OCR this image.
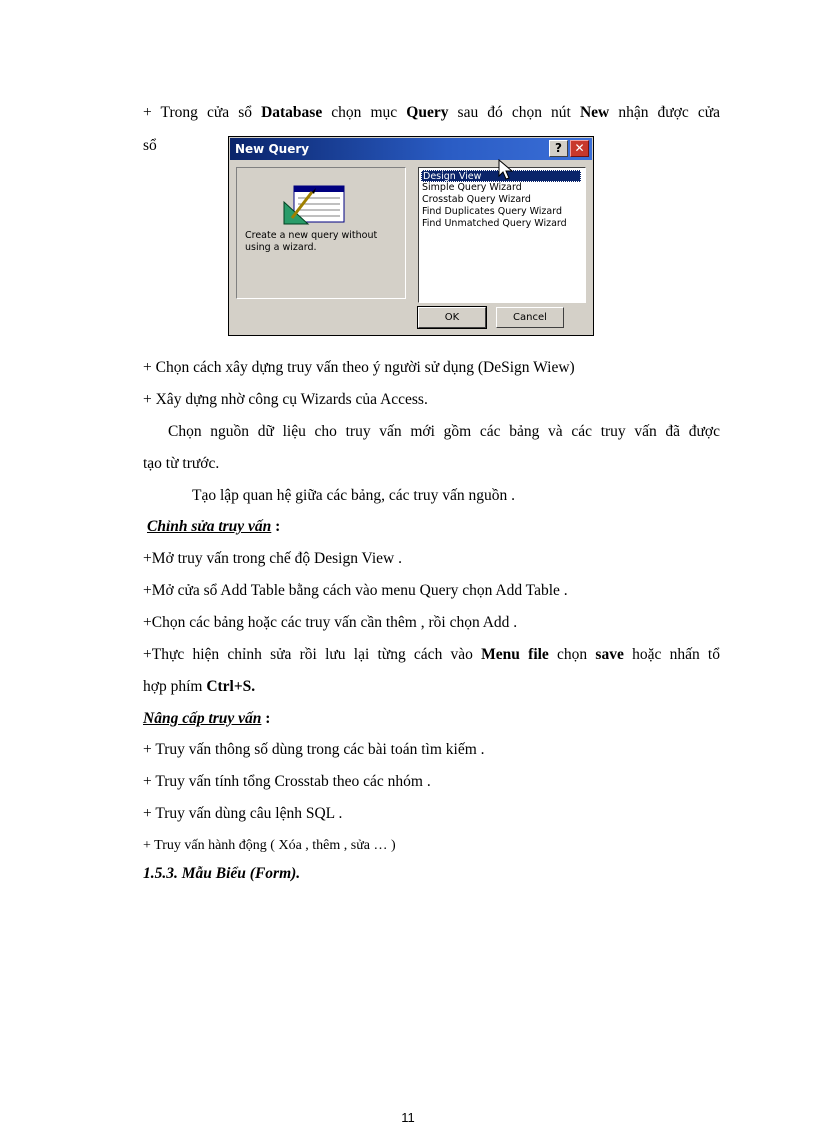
+ Trong cửa sổ Database chọn mục Query sau đó chọn nút New nhận được cửa
sổ	New Query	?	✕
Create a new query without using a wizard.
Design View
Simple Query Wizard
Crosstab Query Wizard
Find Duplicates Query Wizard
Find Unmatched Query Wizard
OK	Cancel
+ Chọn cách xây dựng truy vấn theo ý người sử dụng (DeSign Wiew)
+ Xây dựng nhờ công cụ Wizards của Access.
Chọn nguồn dữ liệu cho truy vấn mới gồm các bảng và các truy vấn đã được
tạo từ trước.
Tạo lập quan hệ giữa các bảng, các truy vấn nguồn .
Chỉnh sửa truy vấn :
+Mở truy vấn trong chế độ Design View .
+Mở cửa sổ Add Table bằng cách vào menu Query chọn Add Table .
+Chọn các bảng hoặc các truy vấn cần thêm , rồi chọn Add .
+Thực hiện chỉnh sửa rồi lưu lại từng cách vào Menu file chọn save hoặc nhấn tổ
hợp phím Ctrl+S.
Nâng cấp truy vấn :
+ Truy vấn thông số dùng trong các bài toán tìm kiếm .
+ Truy vấn tính tổng Crosstab theo các nhóm .
+ Truy vấn dùng câu lệnh SQL .
+ Truy vấn hành động ( Xóa , thêm , sửa … )
1.5.3. Mẫu Biểu (Form).
11
